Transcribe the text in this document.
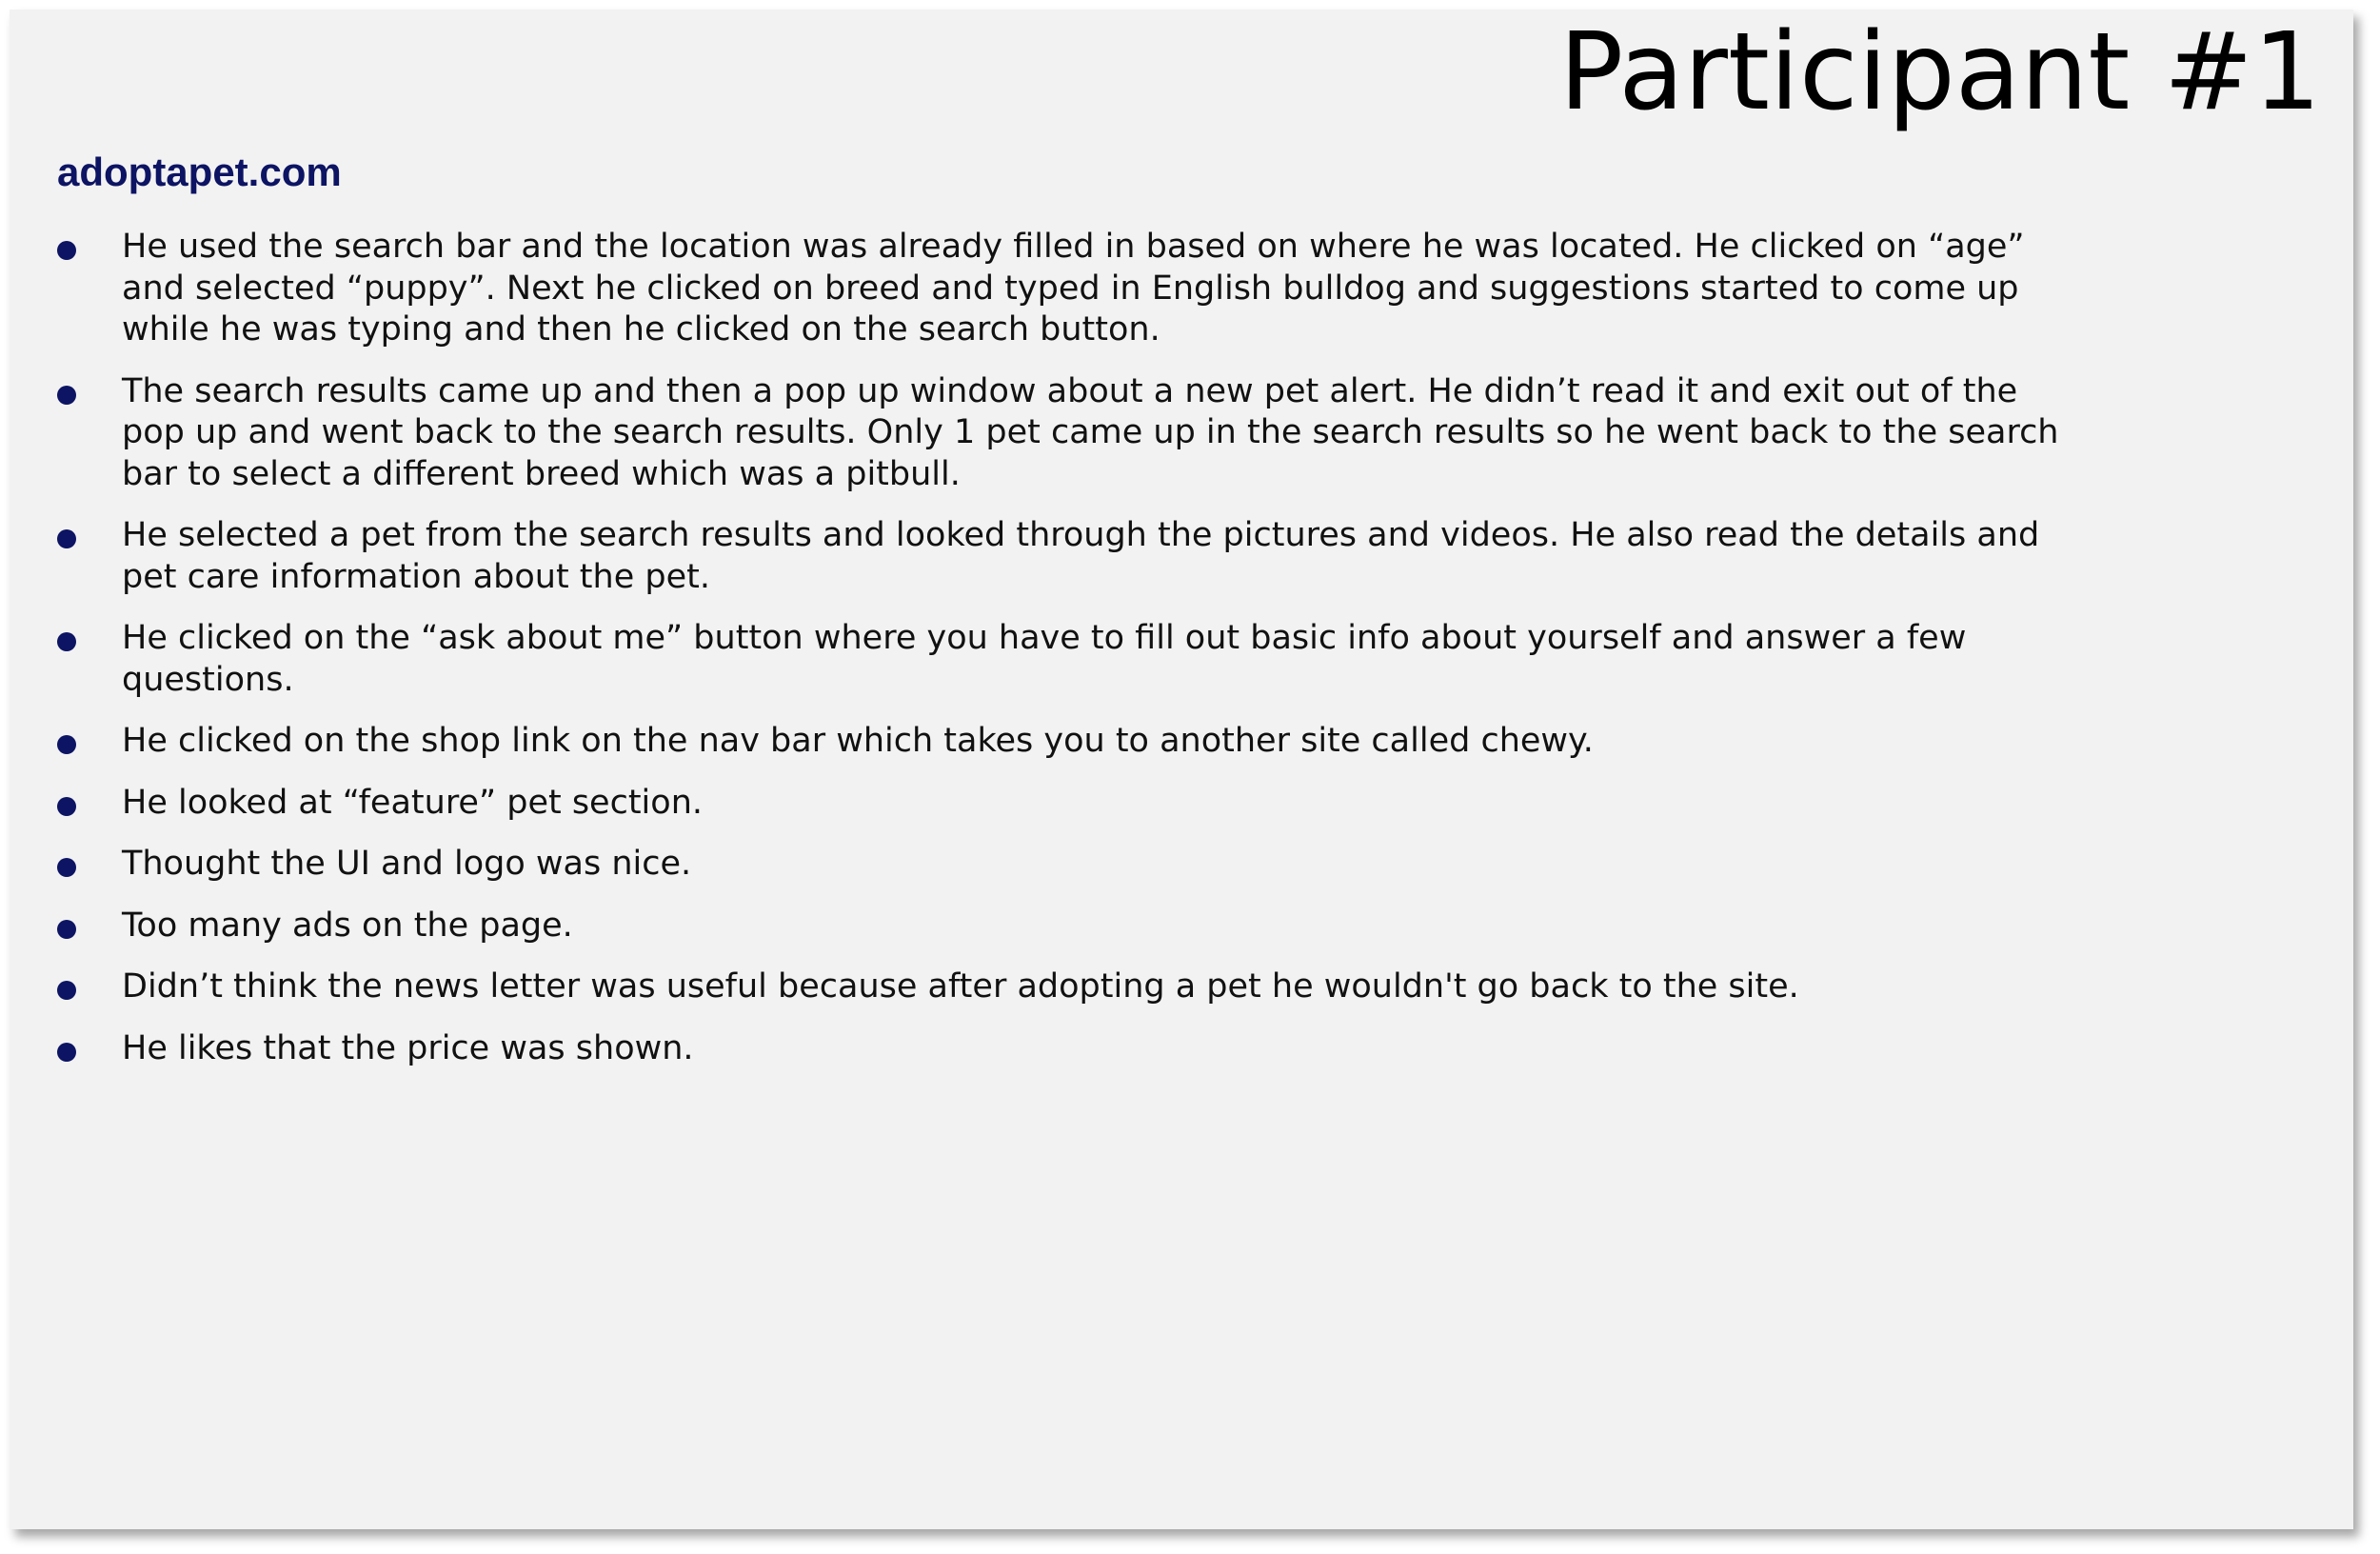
Participant #1
adoptapet.com
He used the search bar and the location was already filled in based on where he was located. He clicked on “age” and selected “puppy”. Next he clicked on breed and typed in English bulldog and suggestions started to come up while he was typing and then he clicked on the search button.
The search results came up and then a pop up window about a new pet alert. He didn’t read it and exit out of the pop up and went back to the search results. Only 1 pet came up in the search results so he went back to the search bar to select a different breed which was a pitbull.
He selected a pet from the search results and looked through the pictures and videos. He also read the details and pet care information about the pet.
He clicked on the “ask about me” button where you have to fill out basic info about yourself and answer a few questions.
He clicked on the shop link on the nav bar which takes you to another site called chewy.
He looked at “feature” pet section.
Thought the UI and logo was nice.
Too many ads on the page.
Didn’t think the news letter was useful because after adopting a pet he wouldn't go back to the site.
He likes that the price was shown.
